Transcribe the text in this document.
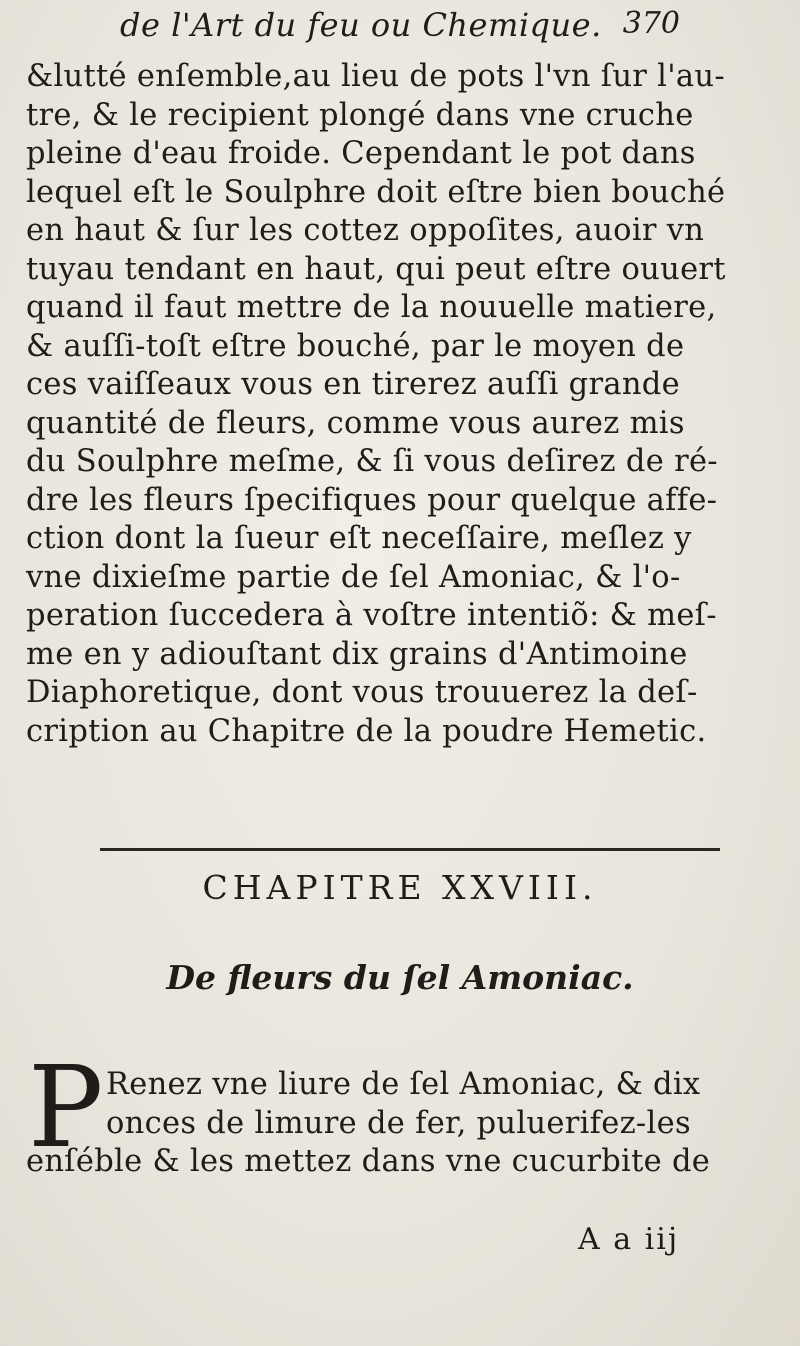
de l'Art du feu ou Chemique. 370
&lutté enſemble,au lieu de pots l'vn ſur l'au-
tre, & le recipient plongé dans vne cruche
pleine d'eau froide. Cependant le pot dans
lequel eſt le Soulphre doit eſtre bien bouché
en haut & ſur les cottez oppoſites, auoir vn
tuyau tendant en haut, qui peut eſtre ouuert
quand il faut mettre de la nouuelle matiere,
& auſſi-toſt eſtre bouché, par le moyen de
ces vaiſſeaux vous en tirerez auſſi grande
quantité de fleurs, comme vous aurez mis
du Soulphre meſme, & ſi vous deſirez de ré-
dre les fleurs ſpecifiques pour quelque affe-
ction dont la ſueur eſt neceſſaire, meſlez y
vne dixieſme partie de ſel Amoniac, & l'o-
peration ſuccedera à voſtre intentiõ: & meſ-
me en y adiouſtant dix grains d'Antimoine
Diaphoretique, dont vous trouuerez la deſ-
cription au Chapitre de la poudre Hemetic.
CHAPITRE XXVIII.
De fleurs du ſel Amoniac.
P Renez vne liure de ſel Amoniac, & dix
onces de limure de fer, puluerifez-les
enſéble & les mettez dans vne cucurbite de
A a iij
